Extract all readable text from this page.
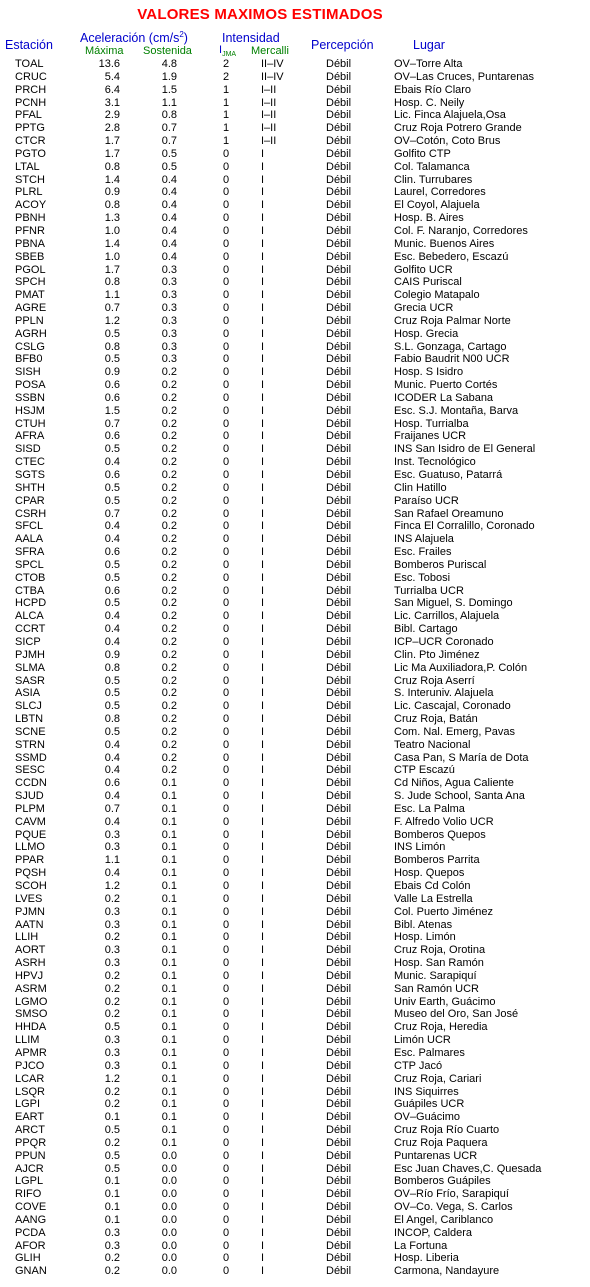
VALORES MAXIMOS ESTIMADOS
Estación Aceleración $(cm/s^2)$
Máxima Sostenida
Intensidad
$I_{JMA}$ Mercalli Percepción	Lugar
TOAL	13.6	4.8	2	II–IV	Débil	OV–Torre Alta
CRUC	5.4	1.9	2	II–IV	Débil	OV–Las Cruces, Puntarenas
PRCH	6.4	1.5	1	I–II	Débil	Ebais Río Claro
PCNH	3.1	1.1	1	I–II	Débil	Hosp. C. Neily
PFAL	2.9	0.8	1	I–II	Débil	Lic. Finca Alajuela,Osa
PPTG	2.8	0.7	1	I–II	Débil	Cruz Roja Potrero Grande
CTCR	1.7	0.7	1	I–II	Débil	OV–Cotón, Coto Brus
PGTO	1.7	0.5	0	I	Débil	Golfito CTP
LTAL	0.8	0.5	0	I	Débil	Col. Talamanca
STCH	1.4	0.4	0	I	Débil	Clin. Turrubares
PLRL	0.9	0.4	0	I	Débil	Laurel, Corredores
ACOY	0.8	0.4	0	I	Débil	El Coyol, Alajuela
PBNH	1.3	0.4	0	I	Débil	Hosp. B. Aires
PFNR	1.0	0.4	0	I	Débil	Col. F. Naranjo, Corredores
PBNA	1.4	0.4	0	I	Débil	Munic. Buenos Aires
SBEB	1.0	0.4	0	I	Débil	Esc. Bebedero, Escazú
PGOL	1.7	0.3	0	I	Débil	Golfito UCR
SPCH	0.8	0.3	0	I	Débil	CAIS Puriscal
PMAT	1.1	0.3	0	I	Débil	Colegio Matapalo
AGRE	0.7	0.3	0	I	Débil	Grecia UCR
PPLN	1.2	0.3	0	I	Débil	Cruz Roja Palmar Norte
AGRH	0.5	0.3	0	I	Débil	Hosp. Grecia
CSLG	0.8	0.3	0	I	Débil	S.L. Gonzaga, Cartago
BFB0	0.5	0.3	0	I	Débil	Fabio Baudrit N00 UCR
SISH	0.9	0.2	0	I	Débil	Hosp. S Isidro
POSA	0.6	0.2	0	I	Débil	Munic. Puerto Cortés
SSBN	0.6	0.2	0	I	Débil	ICODER La Sabana
HSJM	1.5	0.2	0	I	Débil	Esc. S.J. Montaña, Barva
CTUH	0.7	0.2	0	I	Débil	Hosp. Turrialba
AFRA	0.6	0.2	0	I	Débil	Fraijanes UCR
SISD	0.5	0.2	0	I	Débil	INS San Isidro de El General
CTEC	0.4	0.2	0	I	Débil	Inst. Tecnológico
SGTS	0.6	0.2	0	I	Débil	Esc. Guatuso, Patarrá
SHTH	0.5	0.2	0	I	Débil	Clin Hatillo
CPAR	0.5	0.2	0	I	Débil	Paraíso UCR
CSRH	0.7	0.2	0	I	Débil	San Rafael Oreamuno
SFCL	0.4	0.2	0	I	Débil	Finca El Corralillo, Coronado
AALA	0.4	0.2	0	I	Débil	INS Alajuela
SFRA	0.6	0.2	0	I	Débil	Esc. Frailes
SPCL	0.5	0.2	0	I	Débil	Bomberos Puriscal
CTOB	0.5	0.2	0	I	Débil	Esc. Tobosi
CTBA	0.6	0.2	0	I	Débil	Turrialba UCR
HCPD	0.5	0.2	0	I	Débil	San Miguel, S. Domingo
ALCA	0.4	0.2	0	I	Débil	Lic. Carrillos, Alajuela
CCRT	0.4	0.2	0	I	Débil	Bibl. Cartago
SICP	0.4	0.2	0	I	Débil	ICP–UCR Coronado
PJMH	0.9	0.2	0	I	Débil	Clin. Pto Jiménez
SLMA	0.8	0.2	0	I	Débil	Lic Ma Auxiliadora,P. Colón
SASR	0.5	0.2	0	I	Débil	Cruz Roja Aserrí
ASIA	0.5	0.2	0	I	Débil	S. Interuniv. Alajuela
SLCJ	0.5	0.2	0	I	Débil	Lic. Cascajal, Coronado
LBTN	0.8	0.2	0	I	Débil	Cruz Roja, Batán
SCNE	0.5	0.2	0	I	Débil	Com. Nal. Emerg, Pavas
STRN	0.4	0.2	0	I	Débil	Teatro Nacional
SSMD	0.4	0.2	0	I	Débil	Casa Pan, S María de Dota
SESC	0.4	0.2	0	I	Débil	CTP Escazú
CCDN	0.6	0.1	0	I	Débil	Cd Niños, Agua Caliente
SJUD	0.4	0.1	0	I	Débil	S. Jude School, Santa Ana
PLPM	0.7	0.1	0	I	Débil	Esc. La Palma
CAVM	0.4	0.1	0	I	Débil	F. Alfredo Volio UCR
PQUE	0.3	0.1	0	I	Débil	Bomberos Quepos
LLMO	0.3	0.1	0	I	Débil	INS Limón
PPAR	1.1	0.1	0	I	Débil	Bomberos Parrita
PQSH	0.4	0.1	0	I	Débil	Hosp. Quepos
SCOH	1.2	0.1	0	I	Débil	Ebais Cd Colón
LVES	0.2	0.1	0	I	Débil	Valle La Estrella
PJMN	0.3	0.1	0	I	Débil	Col. Puerto Jiménez
AATN	0.3	0.1	0	I	Débil	Bibl. Atenas
LLIH	0.2	0.1	0	I	Débil	Hosp. Limón
AORT	0.3	0.1	0	I	Débil	Cruz Roja, Orotina
ASRH	0.3	0.1	0	I	Débil	Hosp. San Ramón
HPVJ	0.2	0.1	0	I	Débil	Munic. Sarapiquí
ASRM	0.2	0.1	0	I	Débil	San Ramón UCR
LGMO	0.2	0.1	0	I	Débil	Univ Earth, Guácimo
SMSO	0.2	0.1	0	I	Débil	Museo del Oro, San José
HHDA	0.5	0.1	0	I	Débil	Cruz Roja, Heredia
LLIM	0.3	0.1	0	I	Débil	Limón UCR
APMR	0.3	0.1	0	I	Débil	Esc. Palmares
PJCO	0.3	0.1	0	I	Débil	CTP Jacó
LCAR	1.2	0.1	0	I	Débil	Cruz Roja, Cariari
LSQR	0.2	0.1	0	I	Débil	INS Siquirres
LGPI	0.2	0.1	0	I	Débil	Guápiles UCR
EART	0.1	0.1	0	I	Débil	OV–Guácimo
ARCT	0.5	0.1	0	I	Débil	Cruz Roja Río Cuarto
PPQR	0.2	0.1	0	I	Débil	Cruz Roja Paquera
PPUN	0.5	0.0	0	I	Débil	Puntarenas UCR
AJCR	0.5	0.0	0	I	Débil	Esc Juan Chaves,C. Quesada
LGPL	0.1	0.0	0	I	Débil	Bomberos Guápiles
RIFO	0.1	0.0	0	I	Débil	OV–Río Frío, Sarapiquí
COVE	0.1	0.0	0	I	Débil	OV–Co. Vega, S. Carlos
AANG	0.1	0.0	0	I	Débil	El Angel, Cariblanco
PCDA	0.3	0.0	0	I	Débil	INCOP, Caldera
AFOR	0.3	0.0	0	I	Débil	La Fortuna
GLIH	0.2	0.0	0	I	Débil	Hosp. Liberia
GNAN	0.2	0.0	0	I	Débil	Carmona, Nandayure
